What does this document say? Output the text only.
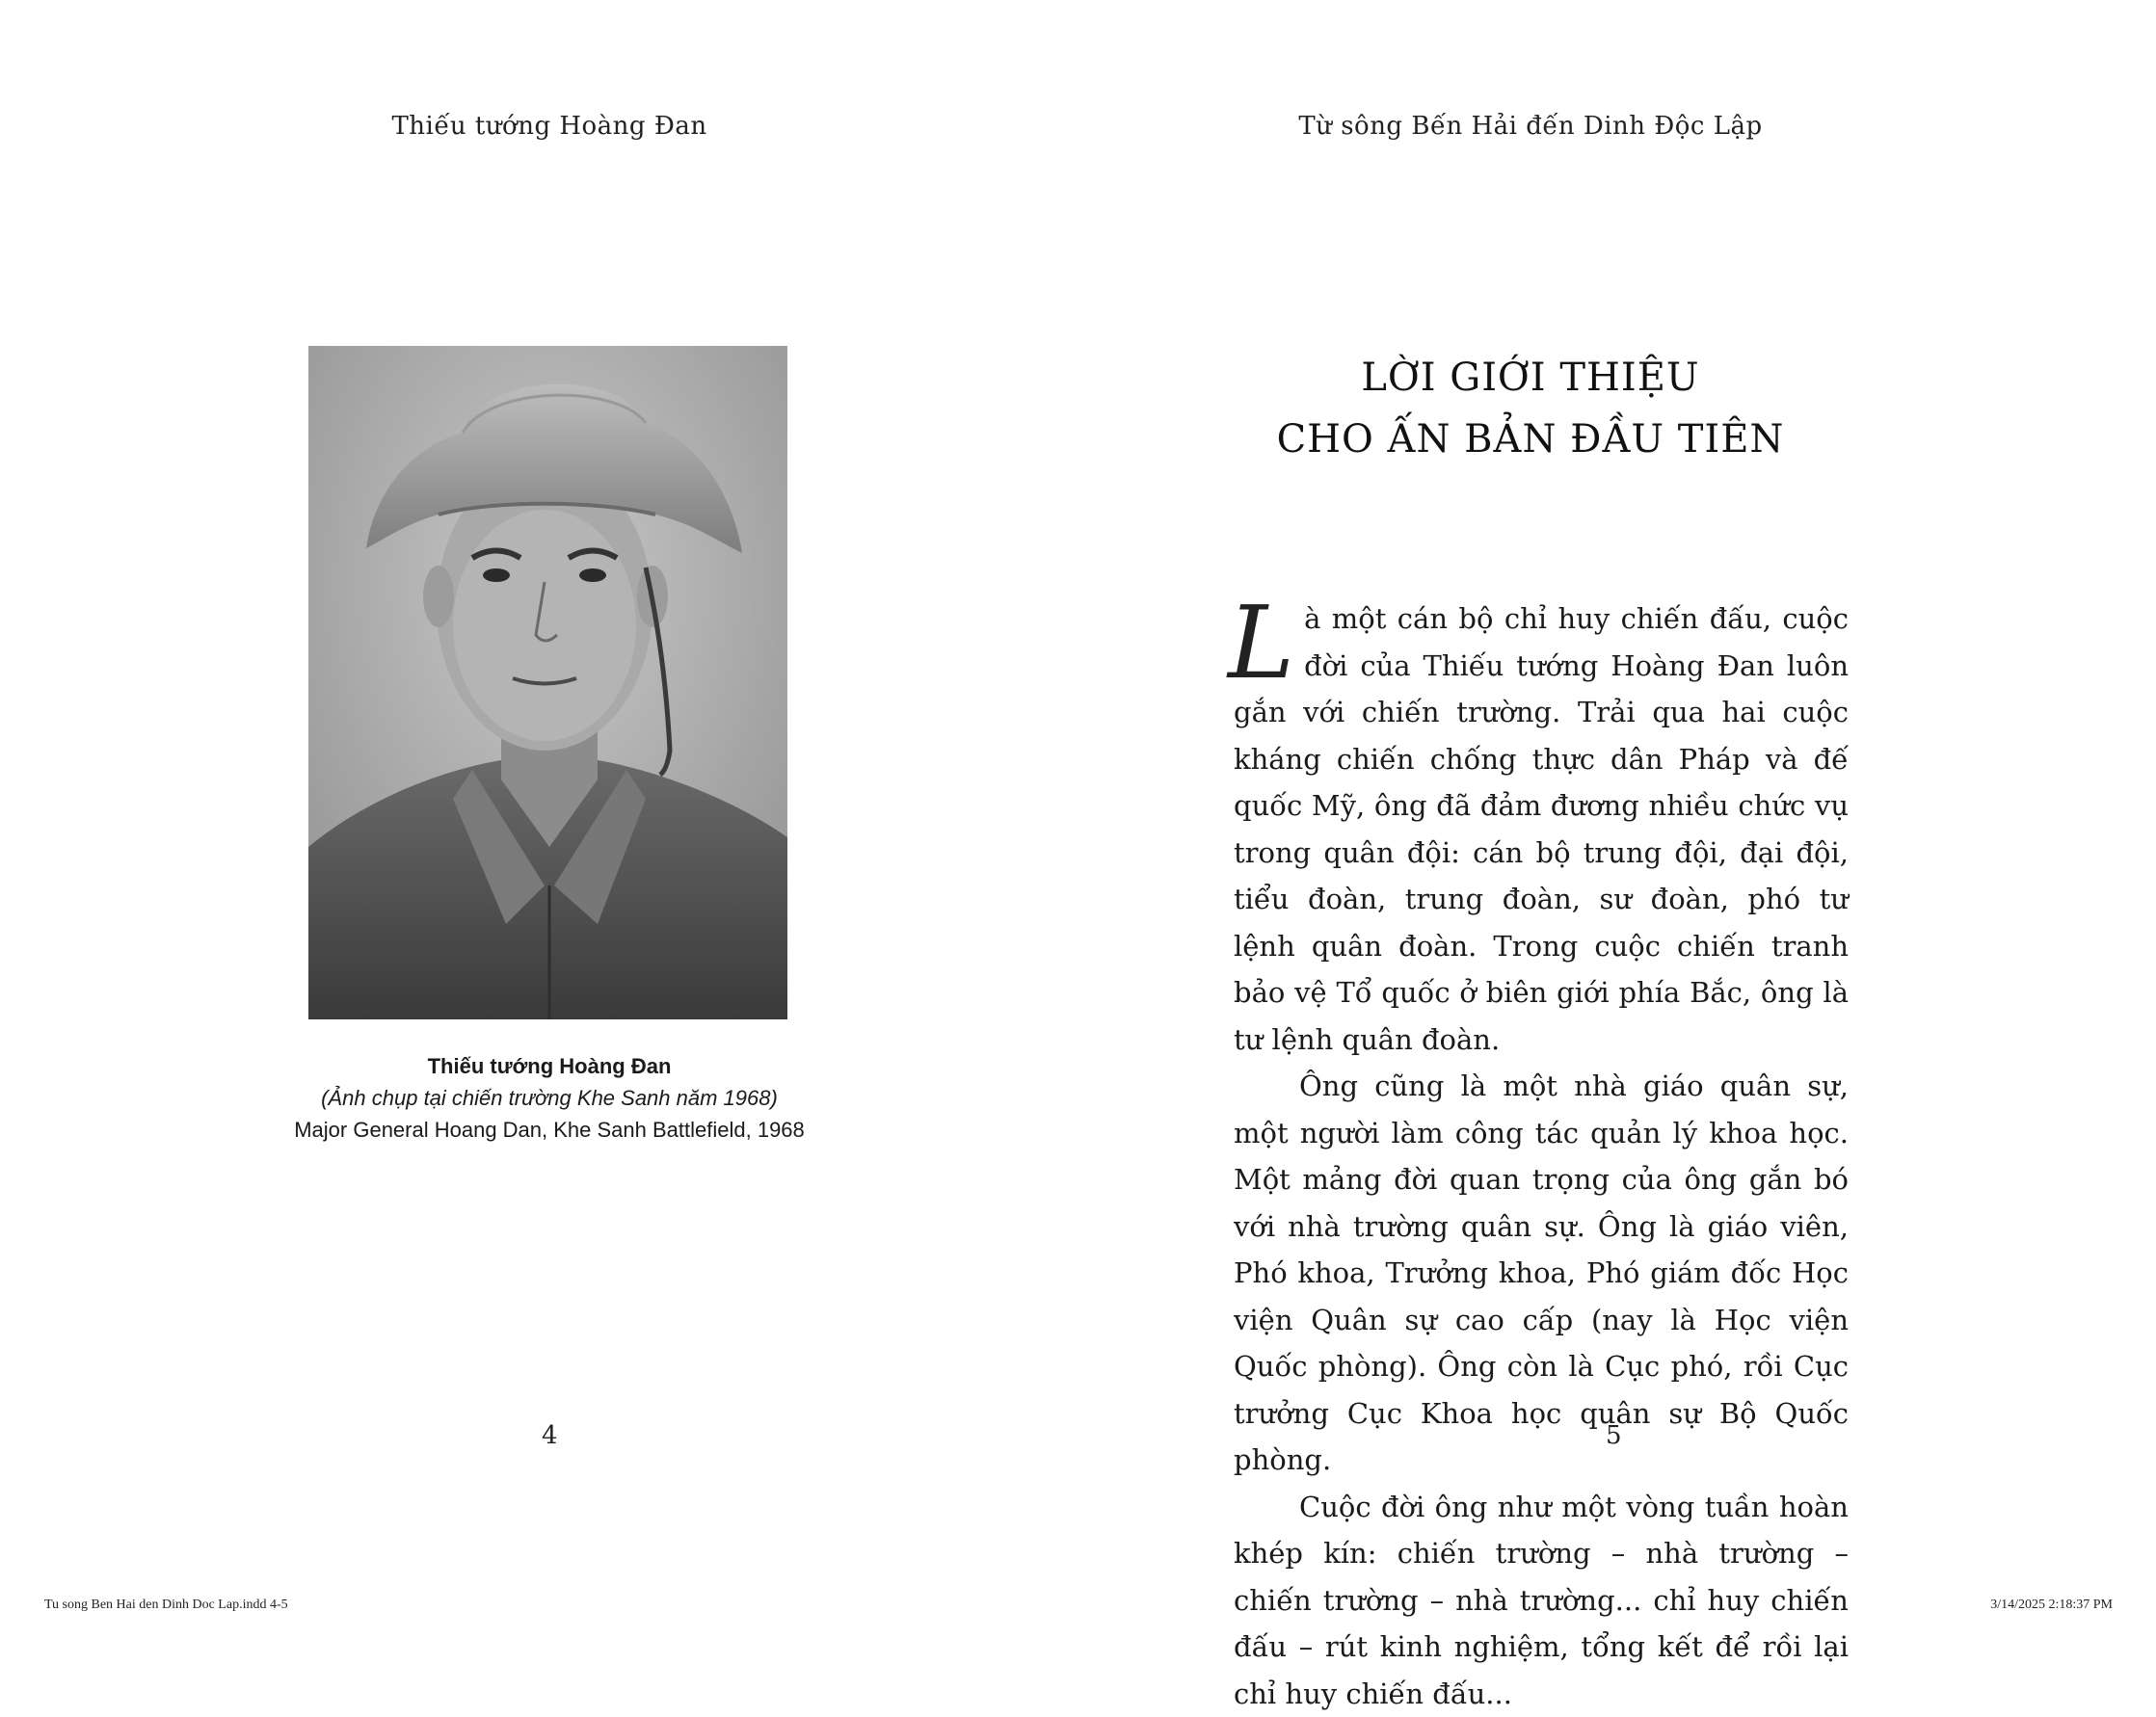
Thiếu tướng Hoàng Đan
Thiếu tướng Hoàng Đan
(Ảnh chụp tại chiến trường Khe Sanh năm 1968)
Major General Hoang Dan, Khe Sanh Battlefield, 1968
4
Từ sông Bến Hải đến Dinh Độc Lập
LỜI GIỚI THIỆU
CHO ẤN BẢN ĐẦU TIÊN

Là một cán bộ chỉ huy chiến đấu, cuộc đời của Thiếu tướng Hoàng Đan luôn gắn với chiến trường. Trải qua hai cuộc kháng chiến chống thực dân Pháp và đế quốc Mỹ, ông đã đảm đương nhiều chức vụ trong quân đội: cán bộ trung đội, đại đội, tiểu đoàn, trung đoàn, sư đoàn, phó tư lệnh quân đoàn. Trong cuộc chiến tranh bảo vệ Tổ quốc ở biên giới phía Bắc, ông là tư lệnh quân đoàn.

Ông cũng là một nhà giáo quân sự, một người làm công tác quản lý khoa học. Một mảng đời quan trọng của ông gắn bó với nhà trường quân sự. Ông là giáo viên, Phó khoa, Trưởng khoa, Phó giám đốc Học viện Quân sự cao cấp (nay là Học viện Quốc phòng). Ông còn là Cục phó, rồi Cục trưởng Cục Khoa học quân sự Bộ Quốc phòng.

Cuộc đời ông như một vòng tuần hoàn khép kín: chiến trường – nhà trường – chiến trường – nhà trường... chỉ huy chiến đấu – rút kinh nghiệm, tổng kết để rồi lại chỉ huy chiến đấu...

5
Tu song Ben Hai den Dinh Doc Lap.indd 4-5	3/14/2025 2:18:37 PM
